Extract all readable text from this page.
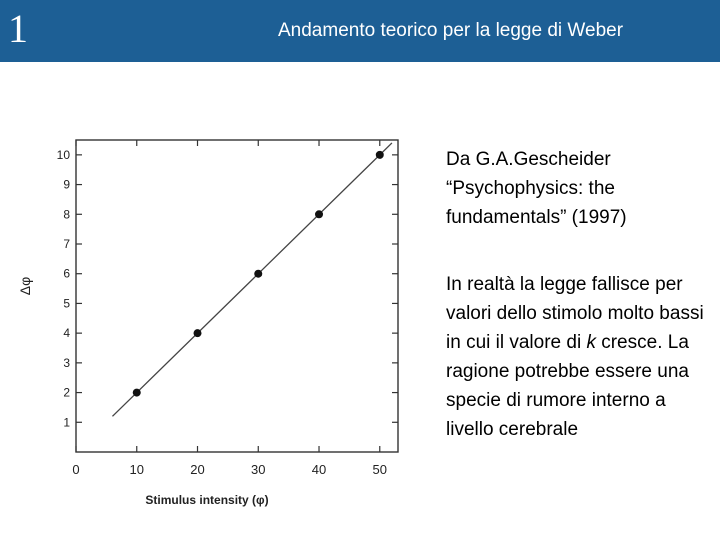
1	Andamento teorico per la legge di Weber
1
2
3
4
5
6
7
8
9
10
0	10	20	30	40	50
Stimulus intensity (φ)
Δφ
Da G.A.Gescheider “Psychophysics: the fundamentals” (1997)
In realtà la legge fallisce per valori dello stimolo molto bassi in cui il valore di k cresce. La ragione potrebbe essere una specie di rumore interno a livello cerebrale
